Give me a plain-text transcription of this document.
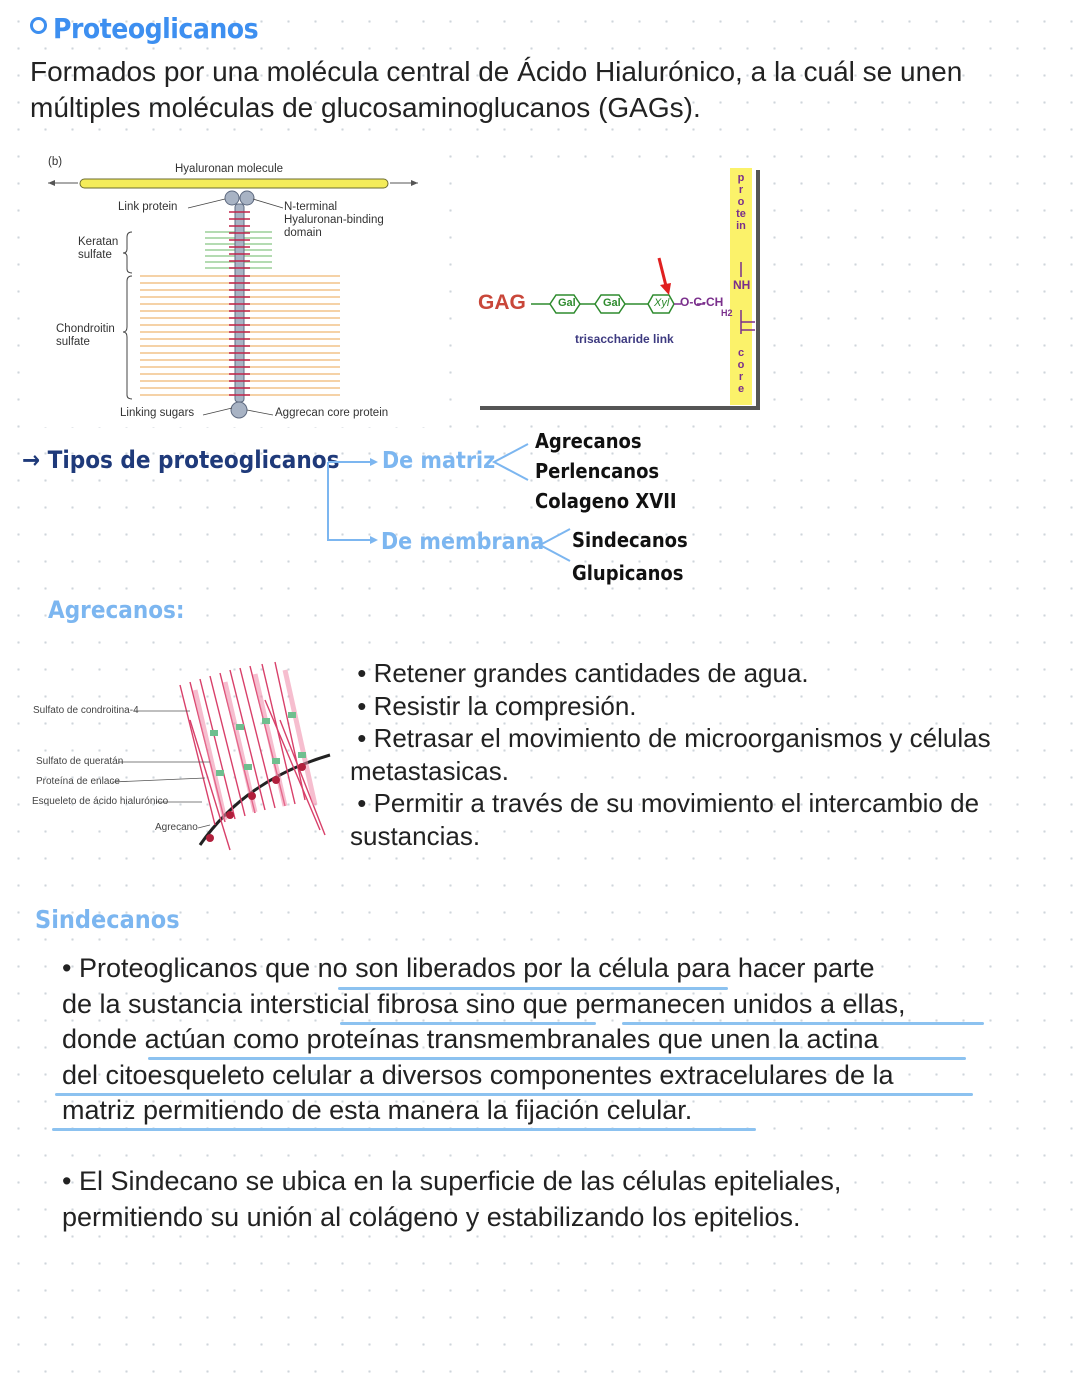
Proteoglicanos
Formados por una molécula central de Ácido Hialurónico, a la cuál se unen múltiples moléculas de glucosaminoglucanos (GAGs).
(b)
Hyaluronan molecule
Link protein	N-terminal
Hyaluronan-binding
domain
Keratan
sulfate
Chondroitin
sulfate
Linking sugars	Aggrecan core protein
GAG	Gal Gal	Xyl O-C-CH
H2
NH
trisaccharide link
protein
core
→ Tipos de proteoglicanos De matriz
De membrana
Agrecanos
Perlencanos
Colageno XVII
Sindecanos
Glupicanos
Agrecanos:
Sulfato de condroitina-4
Sulfato de queratán
Proteína de enlace
Esqueleto de ácido hialurónico
Agrecano
• Retener grandes cantidades de agua.
• Resistir la compresión.
• Retrasar el movimiento de microorganismos y células
metastasicas.
• Permitir a través de su movimiento el intercambio de
sustancias.
Sindecanos
• Proteoglicanos que no son liberados por la célula para hacer parte
de la sustancia intersticial fibrosa sino que permanecen unidos a ellas,
donde actúan como proteínas transmembranales que unen la actina
del citoesqueleto celular a diversos componentes extracelulares de la
matriz permitiendo de esta manera la fijación celular.
• El Sindecano se ubica en la superficie de las células epiteliales,
permitiendo su unión al colágeno y estabilizando los epitelios.
